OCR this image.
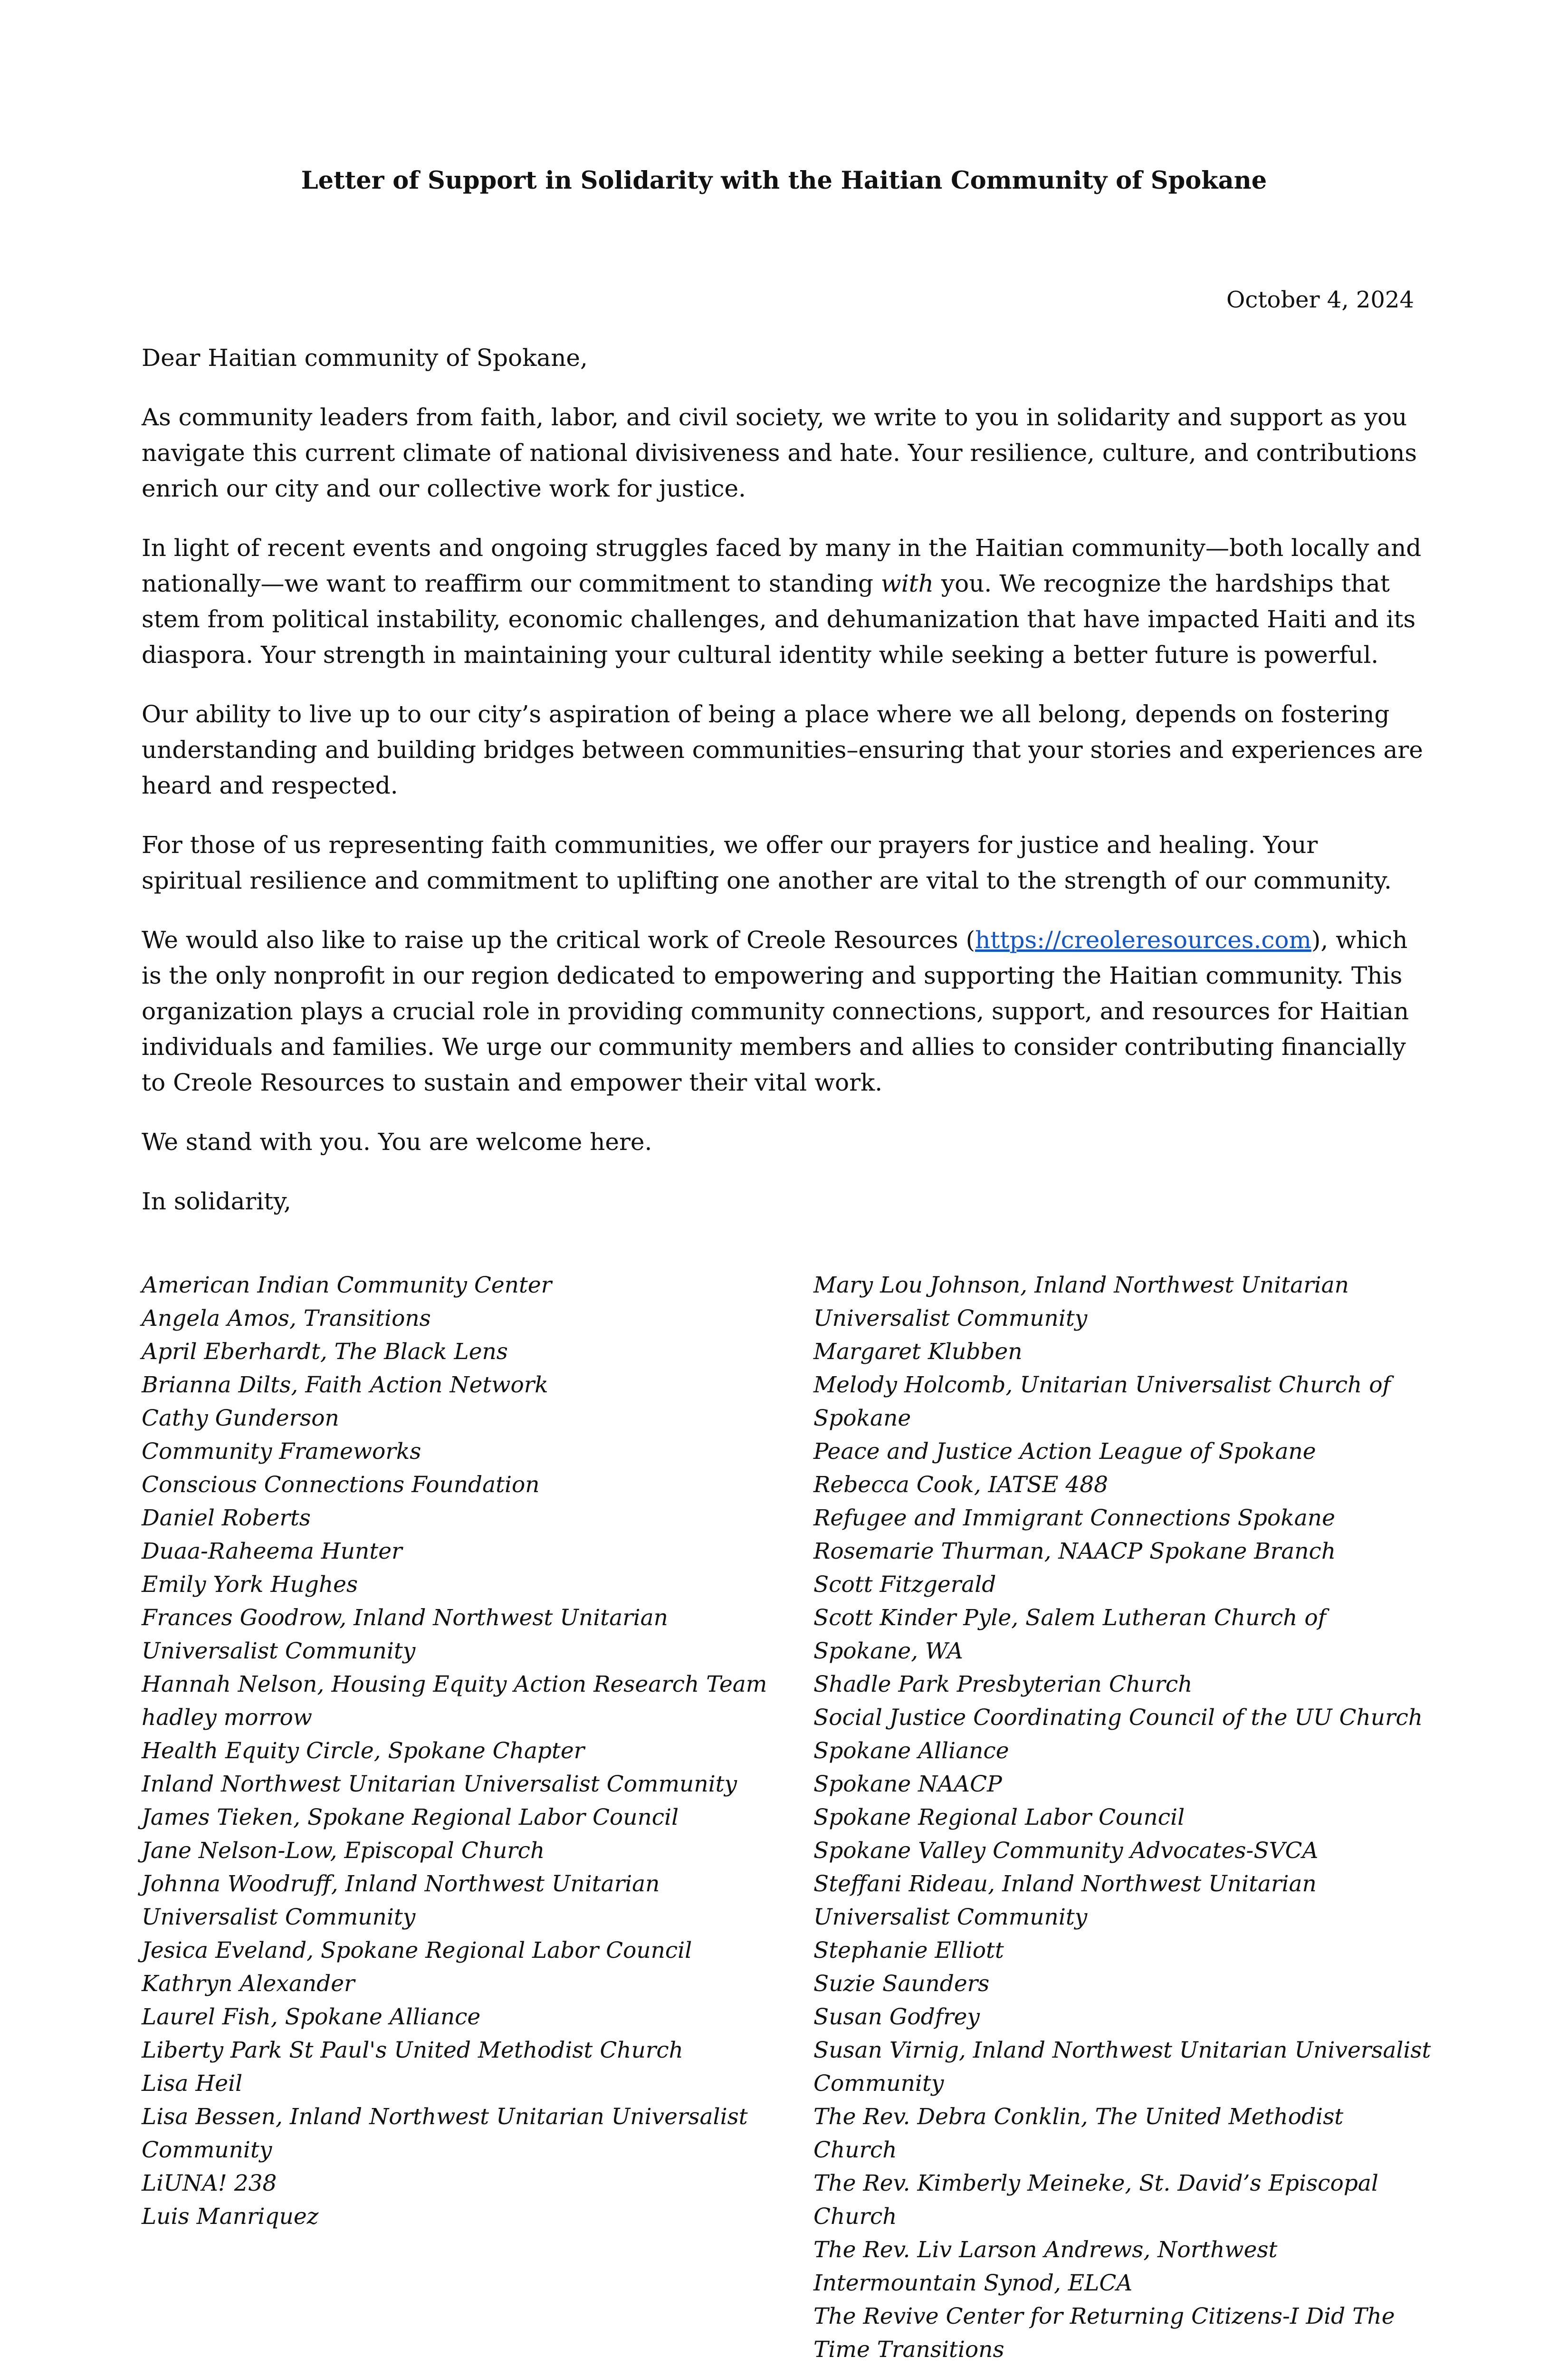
Letter of Support in Solidarity with the Haitian Community of Spokane
October 4, 2024

Dear Haitian community of Spokane,

As community leaders from faith, labor, and civil society, we write to you in solidarity and support as you navigate this current climate of national divisiveness and hate. Your resilience, culture, and contributions enrich our city and our collective work for justice.

In light of recent events and ongoing struggles faced by many in the Haitian community—both locally and nationally—we want to reaffirm our commitment to standing with you. We recognize the hardships that stem from political instability, economic challenges, and dehumanization that have impacted Haiti and its diaspora. Your strength in maintaining your cultural identity while seeking a better future is powerful.

Our ability to live up to our city’s aspiration of being a place where we all belong, depends on fostering understanding and building bridges between communities–ensuring that your stories and experiences are heard and respected.

For those of us representing faith communities, we offer our prayers for justice and healing. Your spiritual resilience and commitment to uplifting one another are vital to the strength of our community.

We would also like to raise up the critical work of Creole Resources (https://creoleresources.com), which is the only nonprofit in our region dedicated to empowering and supporting the Haitian community. This organization plays a crucial role in providing community connections, support, and resources for Haitian individuals and families. We urge our community members and allies to consider contributing financially to Creole Resources to sustain and empower their vital work.

We stand with you. You are welcome here.

In solidarity,

American Indian Community Center
Angela Amos, Transitions
April Eberhardt, The Black Lens
Brianna Dilts, Faith Action Network
Cathy Gunderson
Community Frameworks
Conscious Connections Foundation
Daniel Roberts
Duaa-Raheema Hunter
Emily York Hughes
Frances Goodrow, Inland Northwest Unitarian Universalist Community
Hannah Nelson, Housing Equity Action Research Team
hadley morrow
Health Equity Circle, Spokane Chapter
Inland Northwest Unitarian Universalist Community
James Tieken, Spokane Regional Labor Council
Jane Nelson-Low, Episcopal Church
Johnna Woodruff, Inland Northwest Unitarian Universalist Community
Jesica Eveland, Spokane Regional Labor Council
Kathryn Alexander
Laurel Fish, Spokane Alliance
Liberty Park St Paul's United Methodist Church
Lisa Heil
Lisa Bessen, Inland Northwest Unitarian Universalist Community
LiUNA! 238
Luis Manriquez
Mary Lou Johnson, Inland Northwest Unitarian Universalist Community
Margaret Klubben
Melody Holcomb, Unitarian Universalist Church of Spokane
Peace and Justice Action League of Spokane
Rebecca Cook, IATSE 488
Refugee and Immigrant Connections Spokane
Rosemarie Thurman, NAACP Spokane Branch
Scott Fitzgerald
Scott Kinder Pyle, Salem Lutheran Church of Spokane, WA
Shadle Park Presbyterian Church
Social Justice Coordinating Council of the UU Church
Spokane Alliance
Spokane NAACP
Spokane Regional Labor Council
Spokane Valley Community Advocates-SVCA
Steffani Rideau, Inland Northwest Unitarian Universalist Community
Stephanie Elliott
Suzie Saunders
Susan Godfrey
Susan Virnig, Inland Northwest Unitarian Universalist Community
The Rev. Debra Conklin, The United Methodist Church
The Rev. Kimberly Meineke, St. David’s Episcopal Church
The Rev. Liv Larson Andrews, Northwest Intermountain Synod, ELCA
The Revive Center for Returning Citizens-I Did The Time Transitions
